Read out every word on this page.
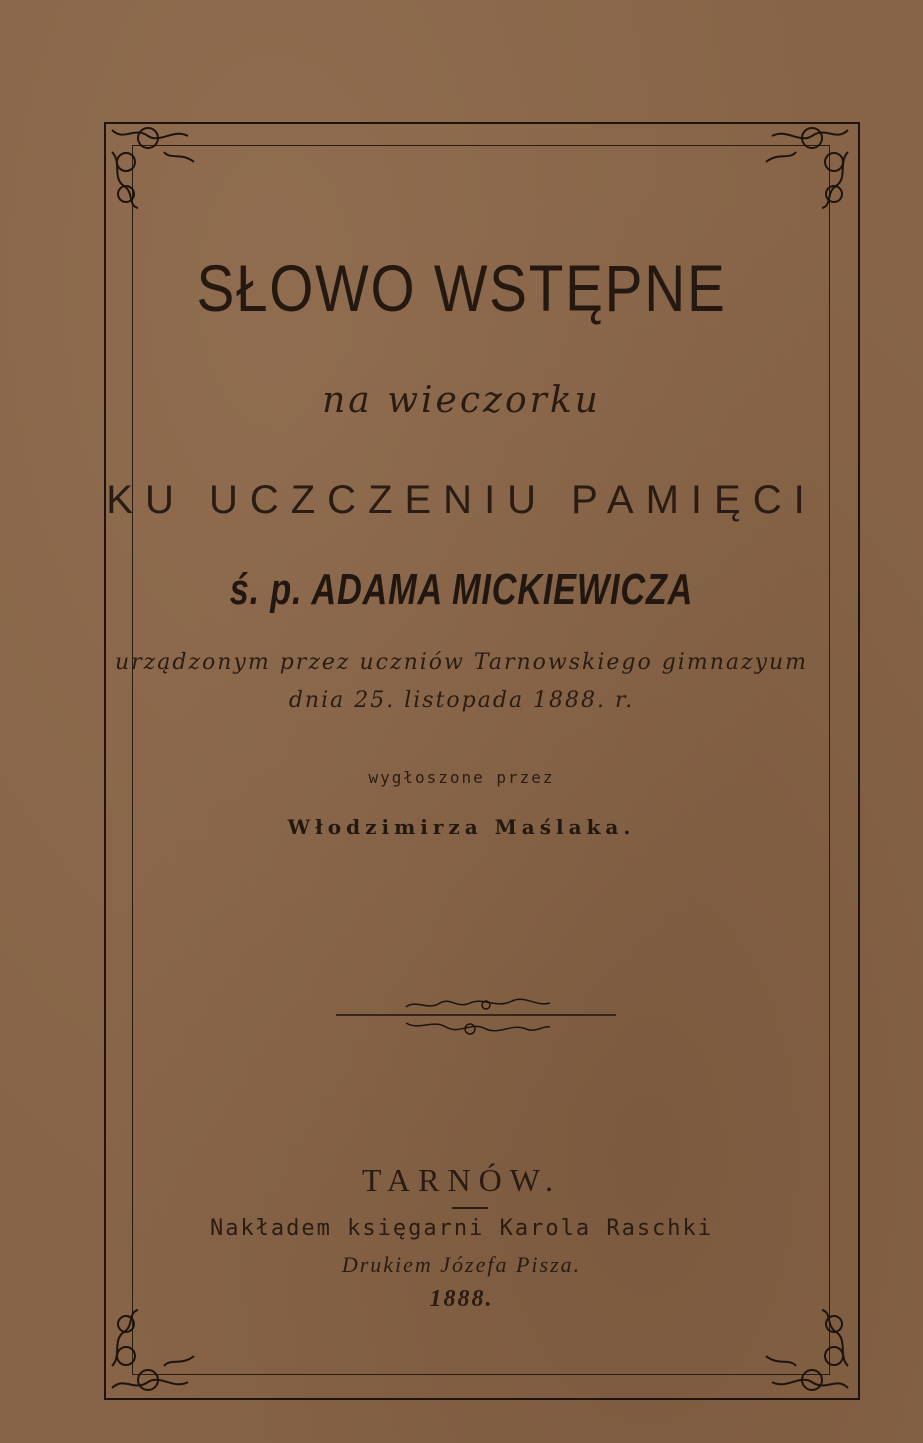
SŁOWO WSTĘPNE
na wieczorku
KU UCZCZENIU PAMIĘCI
ś. p. ADAMA MICKIEWICZA
urządzonym przez uczniów Tarnowskiego gimnazyum
dnia 25. listopada 1888. r.
wygłoszone przez
Włodzimirza Maślaka.
TARNÓW.
Nakładem księgarni Karola Raschki
Drukiem Józefa Pisza.
1888.
